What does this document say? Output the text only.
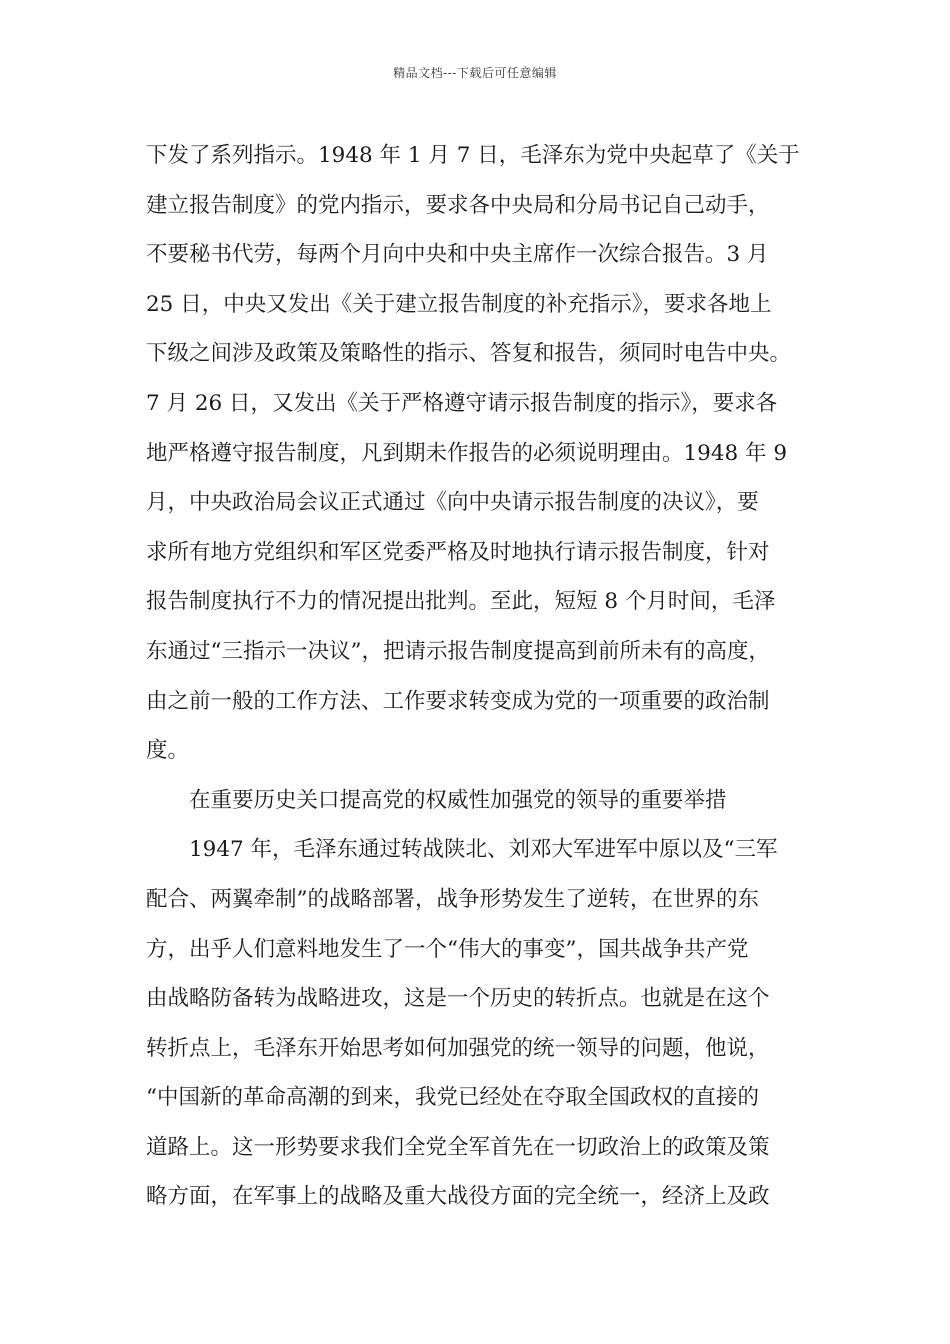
精品文档---下载后可任意编辑
下发了系列指示。1948 年 1 月 7 日，毛泽东为党中央起草了《关于
建立报告制度》的党内指示，要求各中央局和分局书记自己动手，
不要秘书代劳，每两个月向中央和中央主席作一次综合报告。3 月
25 日，中央又发出《关于建立报告制度的补充指示》，要求各地上
下级之间涉及政策及策略性的指示、答复和报告，须同时电告中央。
7 月 26 日，又发出《关于严格遵守请示报告制度的指示》，要求各
地严格遵守报告制度，凡到期未作报告的必须说明理由。1948 年 9
月，中央政治局会议正式通过《向中央请示报告制度的决议》，要
求所有地方党组织和军区党委严格及时地执行请示报告制度，针对
报告制度执行不力的情况提出批判。至此，短短 8 个月时间，毛泽
东通过“三指示一决议”，把请示报告制度提高到前所未有的高度，
由之前一般的工作方法、工作要求转变成为党的一项重要的政治制
度。
　　在重要历史关口提高党的权威性加强党的领导的重要举措
　　1947 年，毛泽东通过转战陕北、刘邓大军进军中原以及“三军
配合、两翼牵制”的战略部署，战争形势发生了逆转，在世界的东
方，出乎人们意料地发生了一个“伟大的事变”，国共战争共产党
由战略防备转为战略进攻，这是一个历史的转折点。也就是在这个
转折点上，毛泽东开始思考如何加强党的统一领导的问题，他说，
“中国新的革命高潮的到来，我党已经处在夺取全国政权的直接的
道路上。这一形势要求我们全党全军首先在一切政治上的政策及策
略方面，在军事上的战略及重大战役方面的完全统一，经济上及政
